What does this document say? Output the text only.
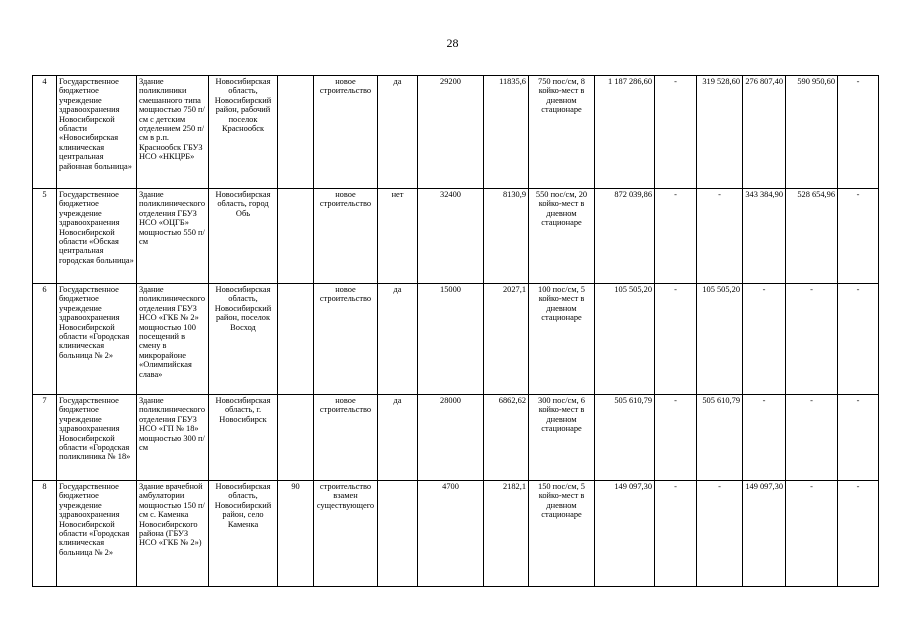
28
4	Государственное бюджетное учреждение здравоохранения Новосибирской области «Новосибирская клиническая центральная районная больница»	Здание поликлиники смешанного типа мощностью 750 п/см с детским отделением 250 п/см в р.п. Краснообск ГБУЗ НСО «НКЦРБ»	Новосибирская область, Новосибирский район, рабочий поселок Краснообск		новое строительство	да	29200	11835,6	750 пос/см, 8 койко-мест в дневном стационаре	1 187 286,60	-	319 528,60	276 807,40	590 950,60	-
5	Государственное бюджетное учреждение здравоохранения Новосибирской области «Обская центральная городская больница»	Здание поликлинического отделения ГБУЗ НСО «ОЦГБ» мощностью 550 п/см	Новосибирская область, город Обь		новое строительство	нет	32400	8130,9	550 пос/см, 20 койко-мест в дневном стационаре	872 039,86	-	-	343 384,90	528 654,96	-
6	Государственное бюджетное учреждение здравоохранения Новосибирской области «Городская клиническая больница № 2»	Здание поликлинического отделения ГБУЗ НСО «ГКБ № 2» мощностью 100 посещений в смену в микрорайоне «Олимпийская слава»	Новосибирская область, Новосибирский район, поселок Восход		новое строительство	да	15000	2027,1	100 пос/см, 5 койко-мест в дневном стационаре	105 505,20	-	105 505,20	-	-	-
7	Государственное бюджетное учреждение здравоохранения Новосибирской области «Городская поликлиника № 18»	Здание поликлинического отделения ГБУЗ НСО «ГП № 18» мощностью 300 п/см	Новосибирская область, г. Новосибирск		новое строительство	да	28000	6862,62	300 пос/см, 6 койко-мест в дневном стационаре	505 610,79	-	505 610,79	-	-	-
8	Государственное бюджетное учреждение здравоохранения Новосибирской области «Городская клиническая больница № 2»	Здание врачебной амбулатории мощностью 150 п/см с. Каменка Новосибирского района (ГБУЗ НСО «ГКБ № 2»)	Новосибирская область, Новосибирский район, село Каменка	90	строительство взамен существующего		4700	2182,1	150 пос/см, 5 койко-мест в дневном стационаре	149 097,30	-	-	149 097,30	-	-
